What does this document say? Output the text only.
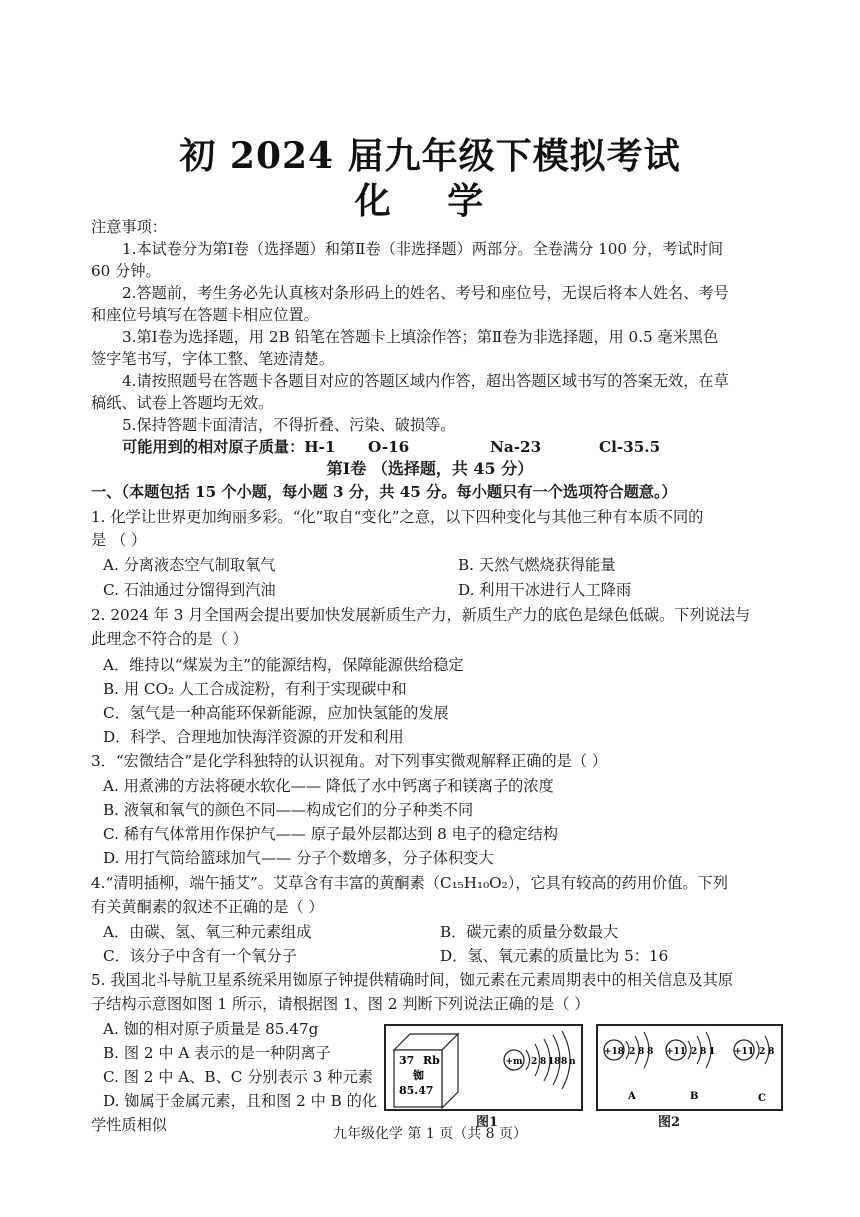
初 2024 届九年级下模拟考试
化 学
注意事项：
1.本试卷分为第Ⅰ卷（选择题）和第Ⅱ卷（非选择题）两部分。全卷满分 100 分，考试时间
60 分钟。
2.答题前，考生务必先认真核对条形码上的姓名、考号和座位号，无误后将本人姓名、考号
和座位号填写在答题卡相应位置。
3.第Ⅰ卷为选择题，用 2B 铅笔在答题卡上填涂作答；第Ⅱ卷为非选择题，用 0.5 毫米黑色
签字笔书写，字体工整、笔迹清楚。
4.请按照题号在答题卡各题目对应的答题区域内作答，超出答题区域书写的答案无效，在草
稿纸、试卷上答题均无效。
5.保持答题卡面清洁，不得折叠、污染、破损等。
可能用到的相对原子质量：H-1 O-16	Na-23	Cl-35.5
第Ⅰ卷 （选择题，共 45 分）
一、（本题包括 15 个小题，每小题 3 分，共 45 分。每小题只有一个选项符合题意。）
1. 化学让世界更加绚丽多彩。“化”取自“变化”之意，以下四种变化与其他三种有本质不同的
是 （ ）
A. 分离液态空气制取氧气	B. 天然气燃烧获得能量
C. 石油通过分馏得到汽油	D. 利用干冰进行人工降雨
2. 2024 年 3 月全国两会提出要加快发展新质生产力，新质生产力的底色是绿色低碳。下列说法与
此理念不符合的是（ ）
A．维持以“煤炭为主”的能源结构，保障能源供给稳定
B. 用 CO₂ 人工合成淀粉，有利于实现碳中和
C．氢气是一种高能环保新能源，应加快氢能的发展
D．科学、合理地加快海洋资源的开发和利用
3．“宏微结合”是化学科独特的认识视角。对下列事实微观解释正确的是（ ）
A. 用煮沸的方法将硬水软化—— 降低了水中钙离子和镁离子的浓度
B. 液氧和氧气的颜色不同——构成它们的分子种类不同
C. 稀有气体常用作保护气—— 原子最外层都达到 8 电子的稳定结构
D. 用打气筒给篮球加气—— 分子个数增多，分子体积变大
4.“清明插柳，端午插艾”。艾草含有丰富的黄酮素（C₁₅H₁₀O₂），它具有较高的药用价值。下列
有关黄酮素的叙述不正确的是（ ）
A．由碳、氢、氧三种元素组成	B．碳元素的质量分数最大
C．该分子中含有一个氧分子	D．氢、氧元素的质量比为 5：16
5. 我国北斗导航卫星系统采用铷原子钟提供精确时间，铷元素在元素周期表中的相关信息及其原
子结构示意图如图 1 所示，请根据图 1、图 2 判断下列说法正确的是（ ）
A. 铷的相对原子质量是 85.47g
B. 图 2 中 A 表示的是一种阴离子
C. 图 2 中 A、B、C 分别表示 3 种元素
D. 铷属于金属元素，且和图 2 中 B 的化
学性质相似
37 Rb
铷
85.47
+m 2 8 18 8 n
图1
+18 2 8 8
A
+11 2 8 1
B
+11 2 8
C
图2
九年级化学 第 1 页（共 8 页）
